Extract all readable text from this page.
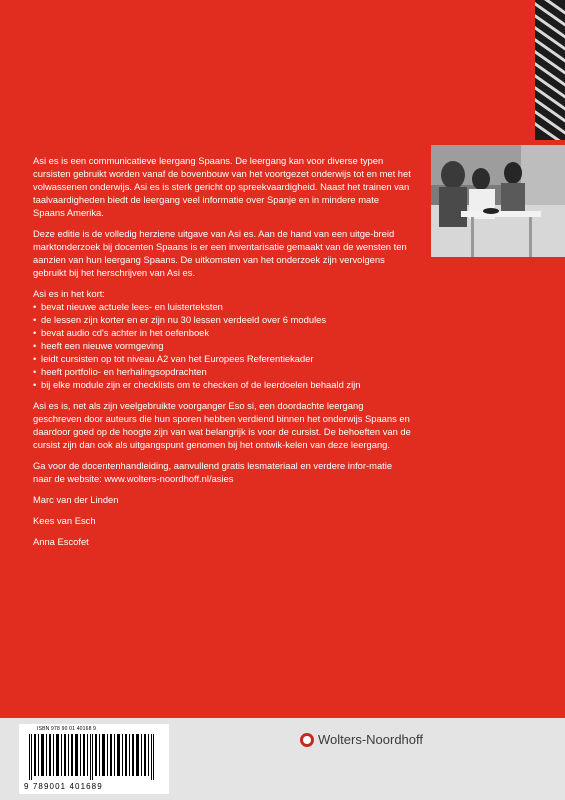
Asi es is een communicatieve leergang Spaans. De leergang kan voor diverse typen cursisten gebruikt worden vanaf de bovenbouw van het voortgezet onderwijs tot en met het volwassenen onderwijs. Asi es is sterk gericht op spreekvaardigheid. Naast het trainen van taalvaardigheden biedt de leergang veel informatie over Spanje en in mindere mate Spaans Amerika.

Deze editie is de volledig herziene uitgave van Asi es. Aan de hand van een uitge-breid marktonderzoek bij docenten Spaans is er een inventarisatie gemaakt van de wensten ten aanzien van hun leergang Spaans. De uitkomsten van het onderzoek zijn vervolgens gebruikt bij het herschrijven van Asi es.

Asi es in het kort:

• bevat nieuwe actuele lees- en luisterteksten
• de lessen zijn korter en er zijn nu 30 lessen verdeeld over 6 modules
• bevat audio cd's achter in het oefenboek
• heeft een nieuwe vormgeving
• leidt cursisten op tot niveau A2 van het Europees Referentiekader
• heeft portfolio- en herhalingsopdrachten
• bij elke module zijn er checklists om te checken of de leerdoelen behaald zijn

Asi es is, net als zijn veelgebruikte voorganger Eso si, een doordachte leergang geschreven door auteurs die hun sporen hebben verdiend binnen het onderwijs Spaans en daardoor goed op de hoogte zijn van wat belangrijk is voor de cursist. De behoeften van de cursist zijn dan ook als uitgangspunt genomen bij het ontwik-kelen van deze leergang.

Ga voor de docentenhandleiding, aanvullend gratis lesmateriaal en verdere infor-matie naar de website: www.wolters-noordhoff.nl/asies

Marc van der Linden

Kees van Esch

Anna Escofet

ISBN 978 90 01 40168 9
9 789001 401689
Wolters-Noordhoff
